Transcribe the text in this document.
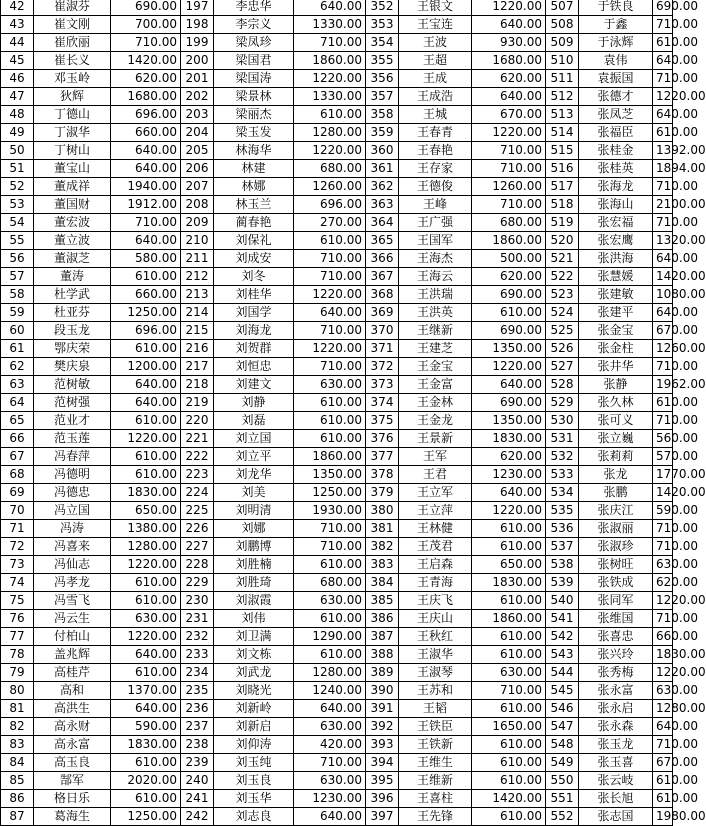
42	崔淑芬	690.00	197	李忠华	640.00	352	王银文	1220.00	507	于铁良	690.00
43	崔文刚	700.00	198	李宗义	1330.00	353	王宝连	640.00	508	于鑫	710.00
44	崔欣丽	710.00	199	梁凤珍	710.00	354	王波	930.00	509	于泳辉	610.00
45	崔长义	1420.00	200	梁国君	1860.00	355	王超	1680.00	510	袁伟	640.00
46	邓玉岭	620.00	201	梁国涛	1220.00	356	王成	620.00	511	袁振国	710.00
47	狄辉	1680.00	202	梁景林	1330.00	357	王成浩	640.00	512	张德才	1220.00
48	丁德山	696.00	203	梁丽杰	610.00	358	王城	670.00	513	张凤芝	640.00
49	丁淑华	660.00	204	梁玉发	1280.00	359	王春青	1220.00	514	张福臣	610.00
50	丁树山	640.00	205	林海华	1220.00	360	王春艳	710.00	515	张桂金	1392.00
51	董宝山	640.00	206	林建	680.00	361	王存家	710.00	516	张桂英	1894.00
52	董成祥	1940.00	207	林娜	1260.00	362	王德俊	1260.00	517	张海龙	710.00
53	董国财	1912.00	208	林玉兰	696.00	363	王峰	710.00	518	张海山	2100.00
54	董宏波	710.00	209	蔺春艳	270.00	364	王广强	680.00	519	张宏福	710.00
55	董立波	640.00	210	刘保礼	610.00	365	王国军	1860.00	520	张宏鹰	1320.00
56	董淑芝	580.00	211	刘成安	710.00	366	王海杰	500.00	521	张洪海	640.00
57	董涛	610.00	212	刘冬	710.00	367	王海云	620.00	522	张慧媛	1420.00
58	杜学武	660.00	213	刘桂华	1220.00	368	王洪瑞	690.00	523	张建敏	1080.00
59	杜亚芬	1250.00	214	刘国学	640.00	369	王洪英	610.00	524	张建平	640.00
60	段玉龙	696.00	215	刘海龙	710.00	370	王继新	690.00	525	张金宝	670.00
61	鄂庆荣	610.00	216	刘贺群	1220.00	371	王建芝	1350.00	526	张金柱	1260.00
62	樊庆泉	1200.00	217	刘恒忠	710.00	372	王金宝	1220.00	527	张井华	710.00
63	范树敏	640.00	218	刘建文	630.00	373	王金富	640.00	528	张静	1962.00
64	范树强	640.00	219	刘静	610.00	374	王金林	690.00	529	张久林	610.00
65	范业才	610.00	220	刘磊	610.00	375	王金龙	1350.00	530	张可义	710.00
66	范玉莲	1220.00	221	刘立国	610.00	376	王景新	1830.00	531	张立巍	560.00
67	冯春萍	610.00	222	刘立平	1860.00	377	王军	620.00	532	张莉莉	570.00
68	冯德明	610.00	223	刘龙华	1350.00	378	王君	1230.00	533	张龙	1770.00
69	冯德忠	1830.00	224	刘美	1250.00	379	王立军	640.00	534	张鹏	1420.00
70	冯立国	650.00	225	刘明清	1930.00	380	王立萍	1220.00	535	张庆江	590.00
71	冯涛	1380.00	226	刘娜	710.00	381	王林健	610.00	536	张淑丽	710.00
72	冯喜来	1280.00	227	刘鹏博	710.00	382	王茂君	610.00	537	张淑珍	710.00
73	冯仙志	1220.00	228	刘胜楠	610.00	383	王启森	650.00	538	张树旺	630.00
74	冯孝龙	610.00	229	刘胜琦	680.00	384	王青海	1830.00	539	张铁成	620.00
75	冯雪飞	610.00	230	刘淑霞	630.00	385	王庆飞	610.00	540	张同军	1220.00
76	冯云生	630.00	231	刘伟	610.00	386	王庆山	1860.00	541	张维国	710.00
77	付柏山	1220.00	232	刘卫满	1290.00	387	王秋红	610.00	542	张喜忠	660.00
78	盖兆辉	640.00	233	刘文栋	610.00	388	王淑华	610.00	543	张兴玲	1830.00
79	高桂芹	610.00	234	刘武龙	1280.00	389	王淑琴	630.00	544	张秀梅	1220.00
80	高和	1370.00	235	刘晓光	1240.00	390	王苏和	710.00	545	张永富	630.00
81	高洪生	640.00	236	刘新岭	640.00	391	王韬	610.00	546	张永启	1280.00
82	高永财	590.00	237	刘新启	630.00	392	王铁臣	1650.00	547	张永森	640.00
83	高永富	1830.00	238	刘仰涛	420.00	393	王铁新	610.00	548	张玉龙	710.00
84	高玉良	610.00	239	刘玉纯	710.00	394	王维生	610.00	549	张玉喜	670.00
85	郜军	2020.00	240	刘玉良	630.00	395	王维新	610.00	550	张云岐	610.00
86	格日乐	610.00	241	刘玉华	1230.00	396	王喜柱	1420.00	551	张长旭	610.00
87	葛海生	1250.00	242	刘志良	640.00	397	王先锋	610.00	552	张志国	1980.00
